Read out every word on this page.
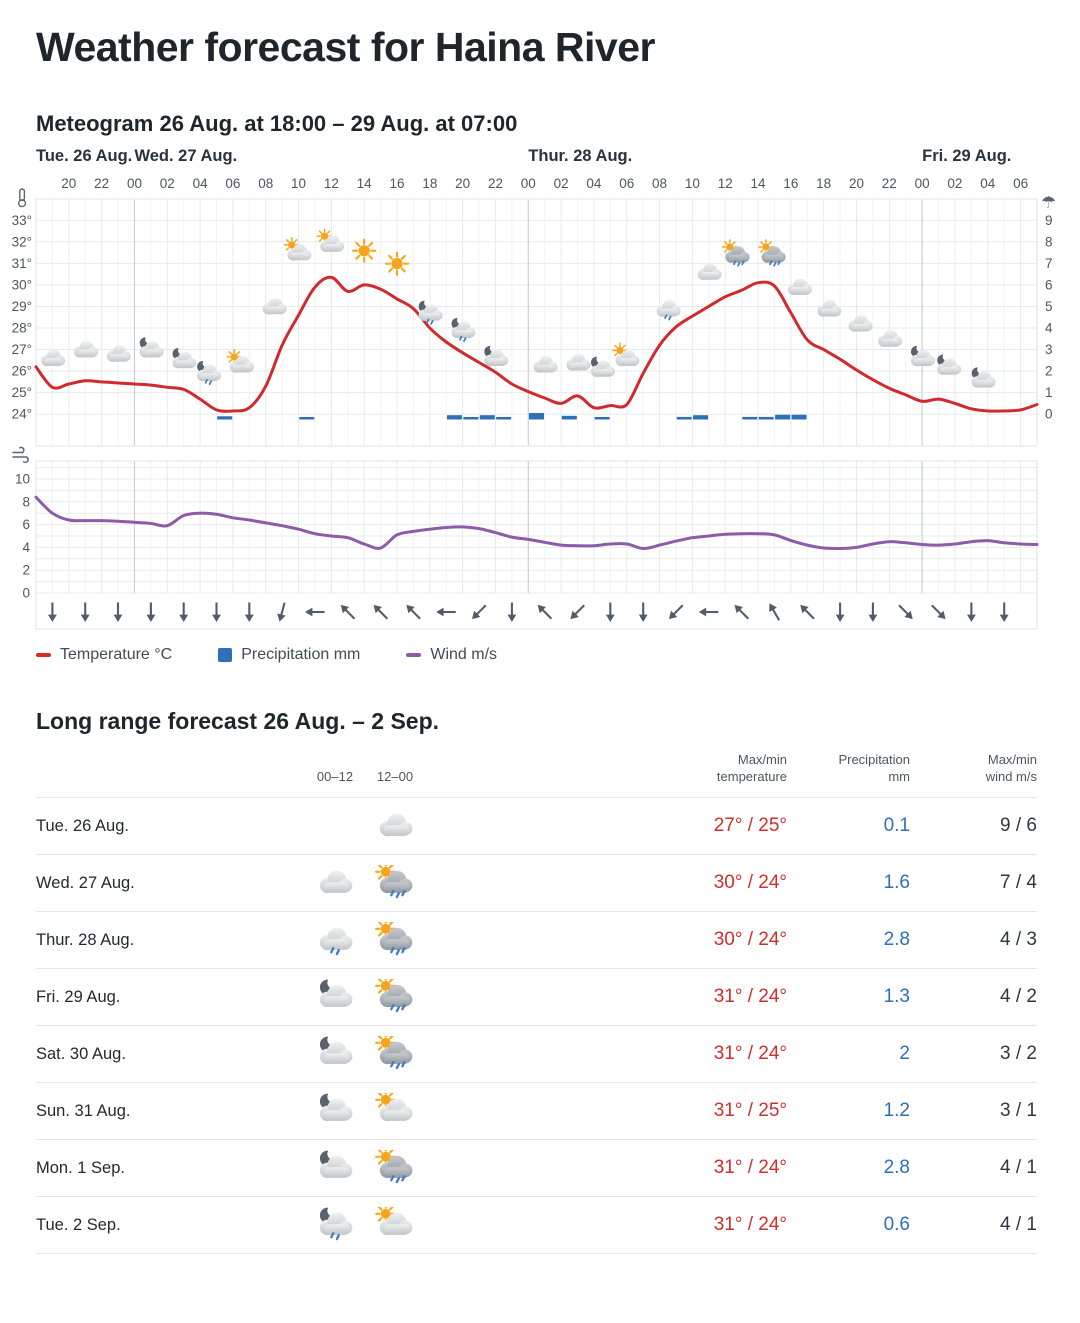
Weather forecast for Haina River
Meteogram 26 Aug. at 18:00 – 29 Aug. at 07:00
Tue. 26 Aug. Wed. 27 Aug.	Thur. 28 Aug.	Fri. 29 Aug.
20 22 00 02 04 06 08 10 12 14 16 18 20 22 00 02 04 06 08 10 12 14 16 18 20 22 00 02 04 06
33°
32°
31°
30°
29°
28°
27°
26°
25°
24°
9
8
7
6
5
4
3
2
1
0
10
8
6
4
2
0
☂
Temperature °C	Precipitation mm	Wind m/s
Long range forecast 26 Aug. – 2 Sep.
00–12	12–00
Max/min
temperature
Precipitation
mm
Max/min
wind m/s
Tue. 26 Aug.	27° / 25°	0.1	9 / 6
Wed. 27 Aug.	30° / 24°	1.6	7 / 4
Thur. 28 Aug.	30° / 24°	2.8	4 / 3
Fri. 29 Aug.	31° / 24°	1.3	4 / 2
Sat. 30 Aug.	31° / 24°	2	3 / 2
Sun. 31 Aug.	31° / 25°	1.2	3 / 1
Mon. 1 Sep.	31° / 24°	2.8	4 / 1
Tue. 2 Sep.	31° / 24°	0.6	4 / 1
